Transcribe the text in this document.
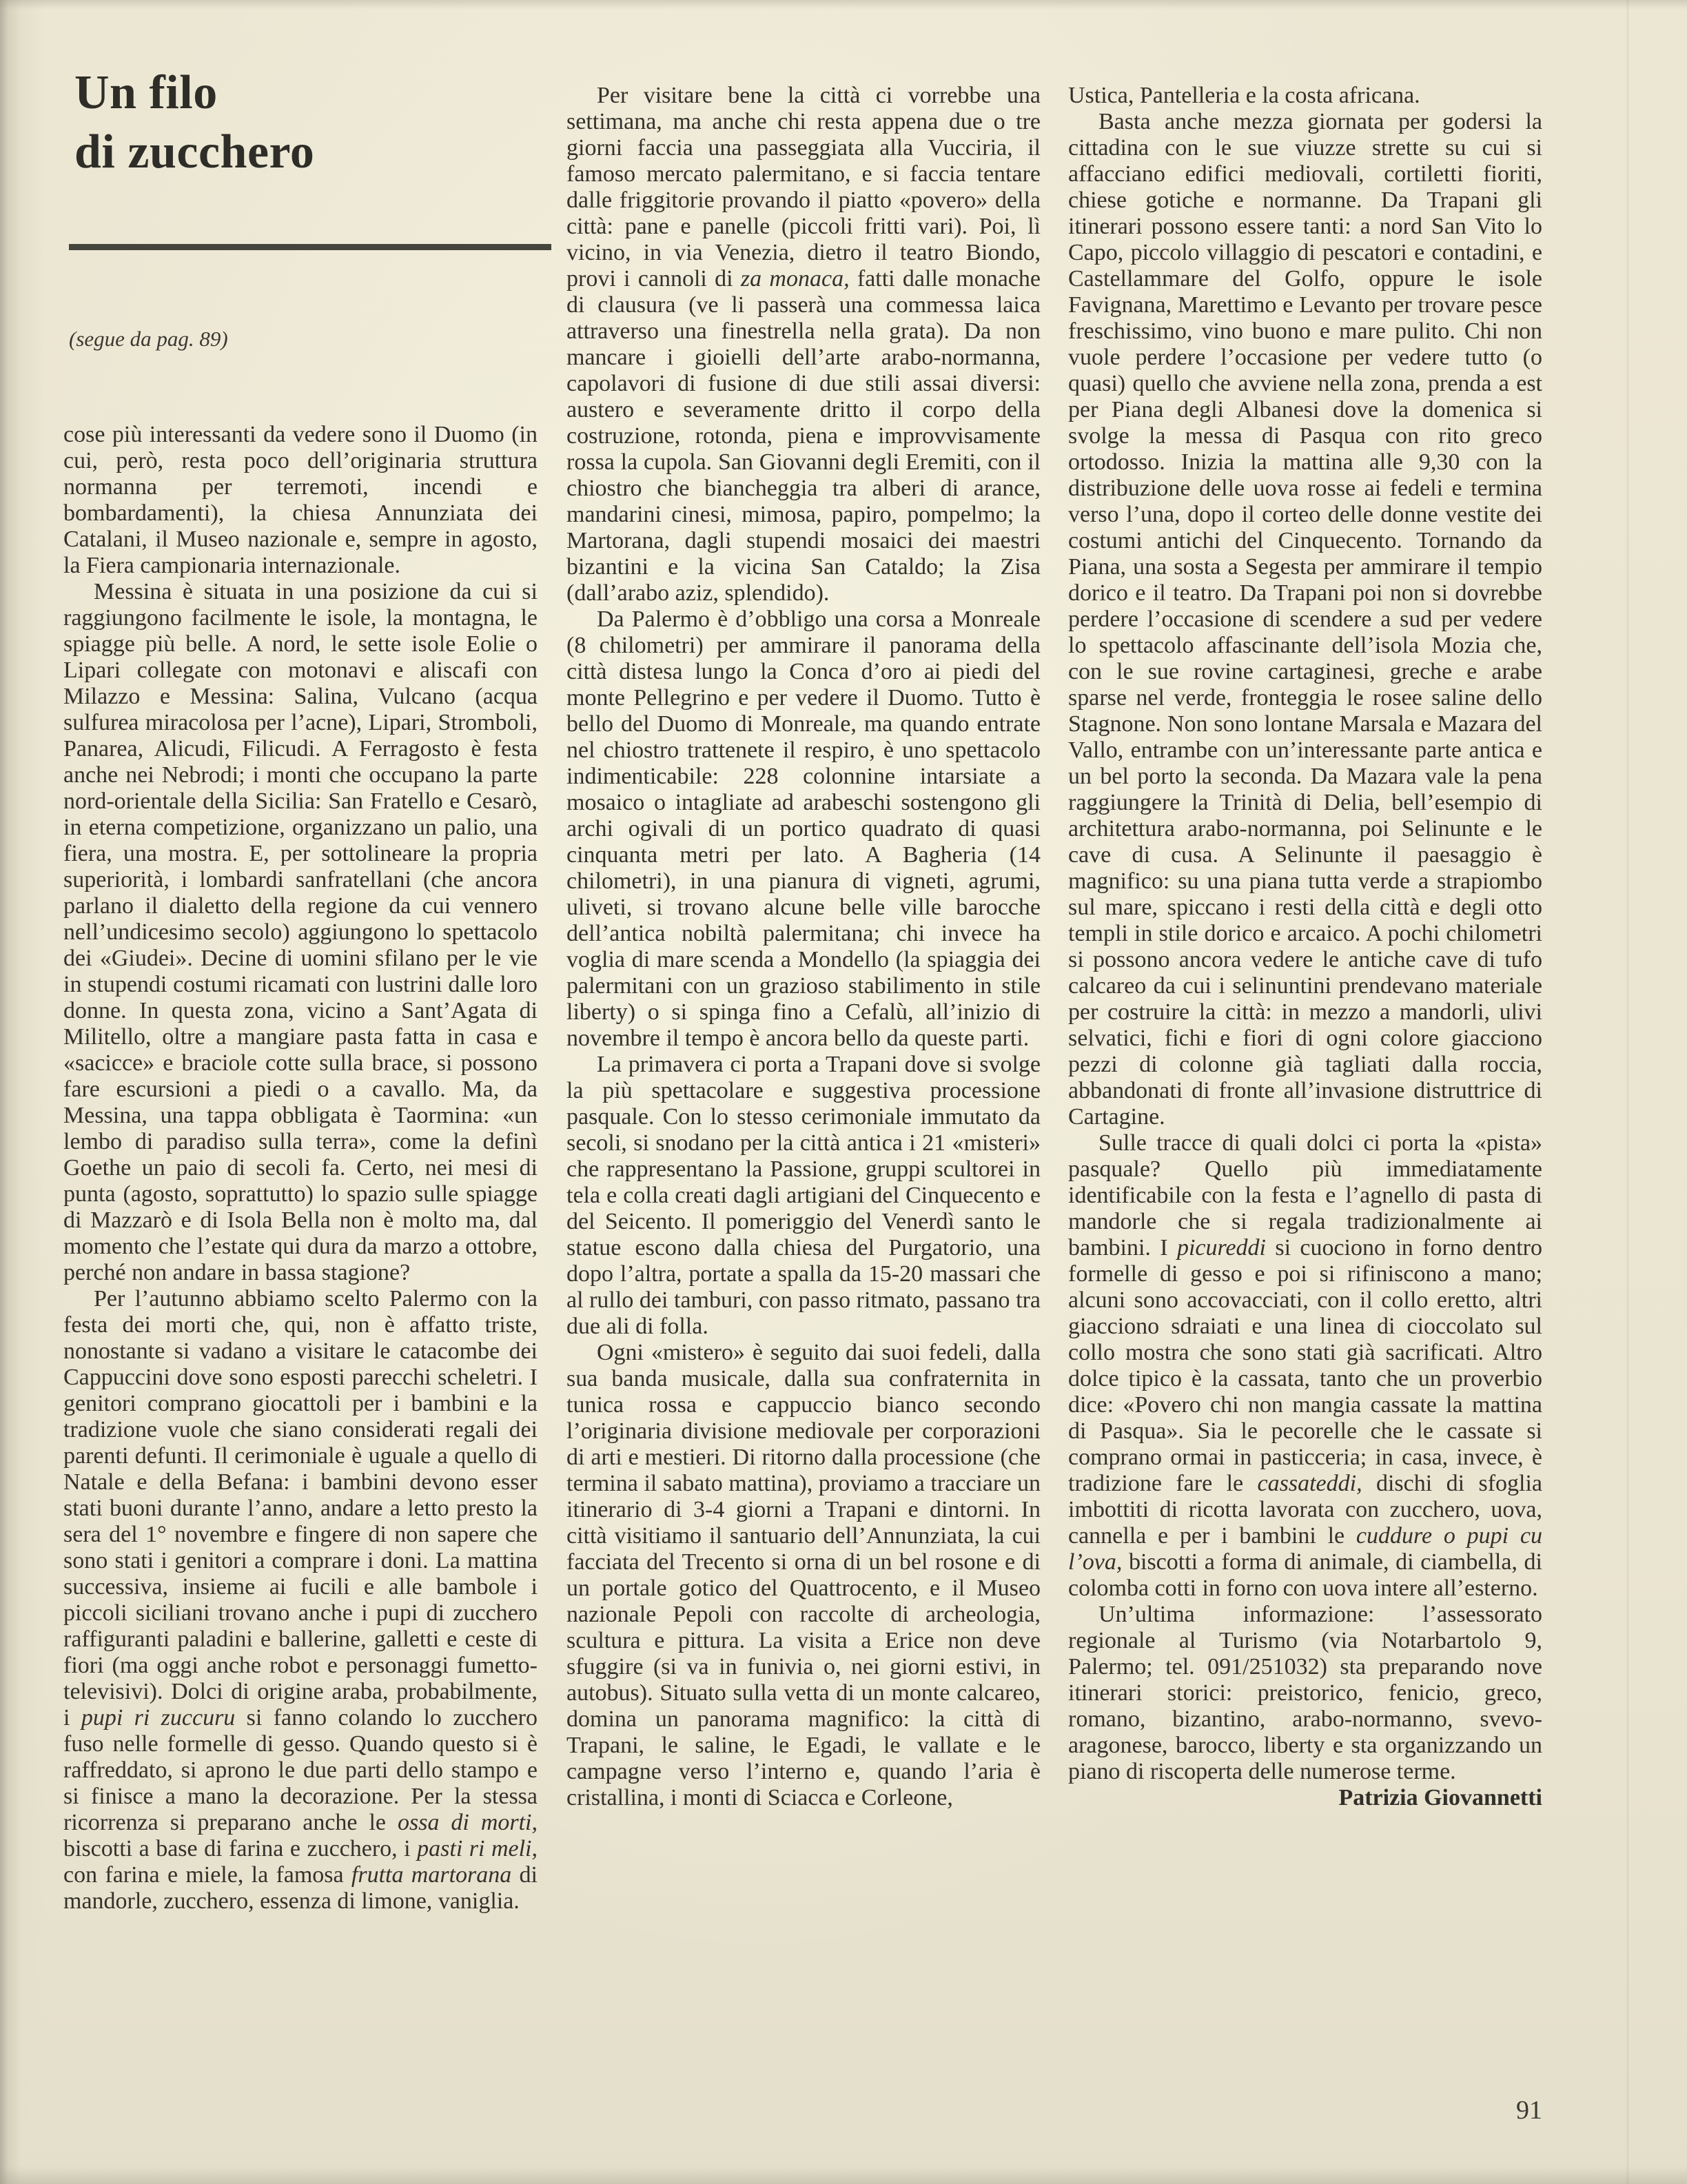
Un filo
di zucchero

(segue da pag. 89)

cose più interessanti da vedere sono il Duomo (in cui, però, resta poco dell’originaria struttura normanna per terremoti, incendi e bombardamenti), la chiesa Annunziata dei Catalani, il Museo nazionale e, sempre in agosto, la Fiera campionaria internazionale.

Messina è situata in una posizione da cui si raggiungono facilmente le isole, la montagna, le spiagge più belle. A nord, le sette isole Eolie o Lipari collegate con motonavi e aliscafi con Milazzo e Messina: Salina, Vulcano (acqua sulfurea miracolosa per l’acne), Lipari, Stromboli, Panarea, Alicudi, Filicudi. A Ferragosto è festa anche nei Nebrodi; i monti che occupano la parte nord-orientale della Sicilia: San Fratello e Cesarò, in eterna competizione, organizzano un palio, una fiera, una mostra. E, per sottolineare la propria superiorità, i lombardi sanfratellani (che ancora parlano il dialetto della regione da cui vennero nell’undicesimo secolo) aggiungono lo spettacolo dei «Giudei». Decine di uomini sfilano per le vie in stupendi costumi ricamati con lustrini dalle loro donne. In questa zona, vicino a Sant’Agata di Militello, oltre a mangiare pasta fatta in casa e «sacicce» e braciole cotte sulla brace, si possono fare escursioni a piedi o a cavallo. Ma, da Messina, una tappa obbligata è Taormina: «un lembo di paradiso sulla terra», come la definì Goethe un paio di secoli fa. Certo, nei mesi di punta (agosto, soprattutto) lo spazio sulle spiagge di Mazzarò e di Isola Bella non è molto ma, dal momento che l’estate qui dura da marzo a ottobre, perché non andare in bassa stagione?

Per l’autunno abbiamo scelto Palermo con la festa dei morti che, qui, non è affatto triste, nonostante si vadano a visitare le catacombe dei Cappuccini dove sono esposti parecchi scheletri. I genitori comprano giocattoli per i bambini e la tradizione vuole che siano considerati regali dei parenti defunti. Il cerimoniale è uguale a quello di Natale e della Befana: i bambini devono esser stati buoni durante l’anno, andare a letto presto la sera del 1° novembre e fingere di non sapere che sono stati i genitori a comprare i doni. La mattina successiva, insieme ai fucili e alle bambole i piccoli siciliani trovano anche i pupi di zucchero raffiguranti paladini e ballerine, galletti e ceste di fiori (ma oggi anche robot e personaggi fumetto-televisivi). Dolci di origine araba, probabilmente, i pupi ri zuccuru si fanno colando lo zucchero fuso nelle formelle di gesso. Quando questo si è raffreddato, si aprono le due parti dello stampo e si finisce a mano la decorazione. Per la stessa ricorrenza si preparano anche le ossa di morti, biscotti a base di farina e zucchero, i pasti ri meli, con farina e miele, la famosa frutta martorana di mandorle, zucchero, essenza di limone, vaniglia.

Per visitare bene la città ci vorrebbe una settimana, ma anche chi resta appena due o tre giorni faccia una passeggiata alla Vucciria, il famoso mercato palermitano, e si faccia tentare dalle friggitorie provando il piatto «povero» della città: pane e panelle (piccoli fritti vari). Poi, lì vicino, in via Venezia, dietro il teatro Biondo, provi i cannoli di za monaca, fatti dalle monache di clausura (ve li passerà una commessa laica attraverso una finestrella nella grata). Da non mancare i gioielli dell’arte arabo-normanna, capolavori di fusione di due stili assai diversi: austero e severamente dritto il corpo della costruzione, rotonda, piena e improvvisamente rossa la cupola. San Giovanni degli Eremiti, con il chiostro che biancheggia tra alberi di arance, mandarini cinesi, mimosa, papiro, pompelmo; la Martorana, dagli stupendi mosaici dei maestri bizantini e la vicina San Cataldo; la Zisa (dall’arabo aziz, splendido).

Da Palermo è d’obbligo una corsa a Monreale (8 chilometri) per ammirare il panorama della città distesa lungo la Conca d’oro ai piedi del monte Pellegrino e per vedere il Duomo. Tutto è bello del Duomo di Monreale, ma quando entrate nel chiostro trattenete il respiro, è uno spettacolo indimenticabile: 228 colonnine intarsiate a mosaico o intagliate ad arabeschi sostengono gli archi ogivali di un portico quadrato di quasi cinquanta metri per lato. A Bagheria (14 chilometri), in una pianura di vigneti, agrumi, uliveti, si trovano alcune belle ville barocche dell’antica nobiltà palermitana; chi invece ha voglia di mare scenda a Mondello (la spiaggia dei palermitani con un grazioso stabilimento in stile liberty) o si spinga fino a Cefalù, all’inizio di novembre il tempo è ancora bello da queste parti.

La primavera ci porta a Trapani dove si svolge la più spettacolare e suggestiva processione pasquale. Con lo stesso cerimoniale immutato da secoli, si snodano per la città antica i 21 «misteri» che rappresentano la Passione, gruppi scultorei in tela e colla creati dagli artigiani del Cinquecento e del Seicento. Il pomeriggio del Venerdì santo le statue escono dalla chiesa del Purgatorio, una dopo l’altra, portate a spalla da 15-20 massari che al rullo dei tamburi, con passo ritmato, passano tra due ali di folla.

Ogni «mistero» è seguito dai suoi fedeli, dalla sua banda musicale, dalla sua confraternita in tunica rossa e cappuccio bianco secondo l’originaria divisione mediovale per corporazioni di arti e mestieri. Di ritorno dalla processione (che termina il sabato mattina), proviamo a tracciare un itinerario di 3-4 giorni a Trapani e dintorni. In città visitiamo il santuario dell’Annunziata, la cui facciata del Trecento si orna di un bel rosone e di un portale gotico del Quattrocento, e il Museo nazionale Pepoli con raccolte di archeologia, scultura e pittura. La visita a Erice non deve sfuggire (si va in funivia o, nei giorni estivi, in autobus). Situato sulla vetta di un monte calcareo, domina un panorama magnifico: la città di Trapani, le saline, le Egadi, le vallate e le campagne verso l’interno e, quando l’aria è cristallina, i monti di Sciacca e Corleone,

Ustica, Pantelleria e la costa africana.

Basta anche mezza giornata per godersi la cittadina con le sue viuzze strette su cui si affacciano edifici mediovali, cortiletti fioriti, chiese gotiche e normanne. Da Trapani gli itinerari possono essere tanti: a nord San Vito lo Capo, piccolo villaggio di pescatori e contadini, e Castellammare del Golfo, oppure le isole Favignana, Marettimo e Levanto per trovare pesce freschissimo, vino buono e mare pulito. Chi non vuole perdere l’occasione per vedere tutto (o quasi) quello che avviene nella zona, prenda a est per Piana degli Albanesi dove la domenica si svolge la messa di Pasqua con rito greco ortodosso. Inizia la mattina alle 9,30 con la distribuzione delle uova rosse ai fedeli e termina verso l’una, dopo il corteo delle donne vestite dei costumi antichi del Cinquecento. Tornando da Piana, una sosta a Segesta per ammirare il tempio dorico e il teatro. Da Trapani poi non si dovrebbe perdere l’occasione di scendere a sud per vedere lo spettacolo affascinante dell’isola Mozia che, con le sue rovine cartaginesi, greche e arabe sparse nel verde, fronteggia le rosee saline dello Stagnone. Non sono lontane Marsala e Mazara del Vallo, entrambe con un’interessante parte antica e un bel porto la seconda. Da Mazara vale la pena raggiungere la Trinità di Delia, bell’esempio di architettura arabo-normanna, poi Selinunte e le cave di cusa. A Selinunte il paesaggio è magnifico: su una piana tutta verde a strapiombo sul mare, spiccano i resti della città e degli otto templi in stile dorico e arcaico. A pochi chilometri si possono ancora vedere le antiche cave di tufo calcareo da cui i selinuntini prendevano materiale per costruire la città: in mezzo a mandorli, ulivi selvatici, fichi e fiori di ogni colore giacciono pezzi di colonne già tagliati dalla roccia, abbandonati di fronte all’invasione distruttrice di Cartagine.

Sulle tracce di quali dolci ci porta la «pista» pasquale? Quello più immediatamente identificabile con la festa e l’agnello di pasta di mandorle che si regala tradizionalmente ai bambini. I picureddi si cuociono in forno dentro formelle di gesso e poi si rifiniscono a mano; alcuni sono accovacciati, con il collo eretto, altri giacciono sdraiati e una linea di cioccolato sul collo mostra che sono stati già sacrificati. Altro dolce tipico è la cassata, tanto che un proverbio dice: «Povero chi non mangia cassate la mattina di Pasqua». Sia le pecorelle che le cassate si comprano ormai in pasticceria; in casa, invece, è tradizione fare le cassateddi, dischi di sfoglia imbottiti di ricotta lavorata con zucchero, uova, cannella e per i bambini le cuddure o pupi cu l’ova, biscotti a forma di animale, di ciambella, di colomba cotti in forno con uova intere all’esterno.

Un’ultima informazione: l’assessorato regionale al Turismo (via Notarbartolo 9, Palermo; tel. 091/251032) sta preparando nove itinerari storici: preistorico, fenicio, greco, romano, bizantino, arabo-normanno, svevo-aragonese, barocco, liberty e sta organizzando un piano di riscoperta delle numerose terme.

Patrizia Giovannetti

91
